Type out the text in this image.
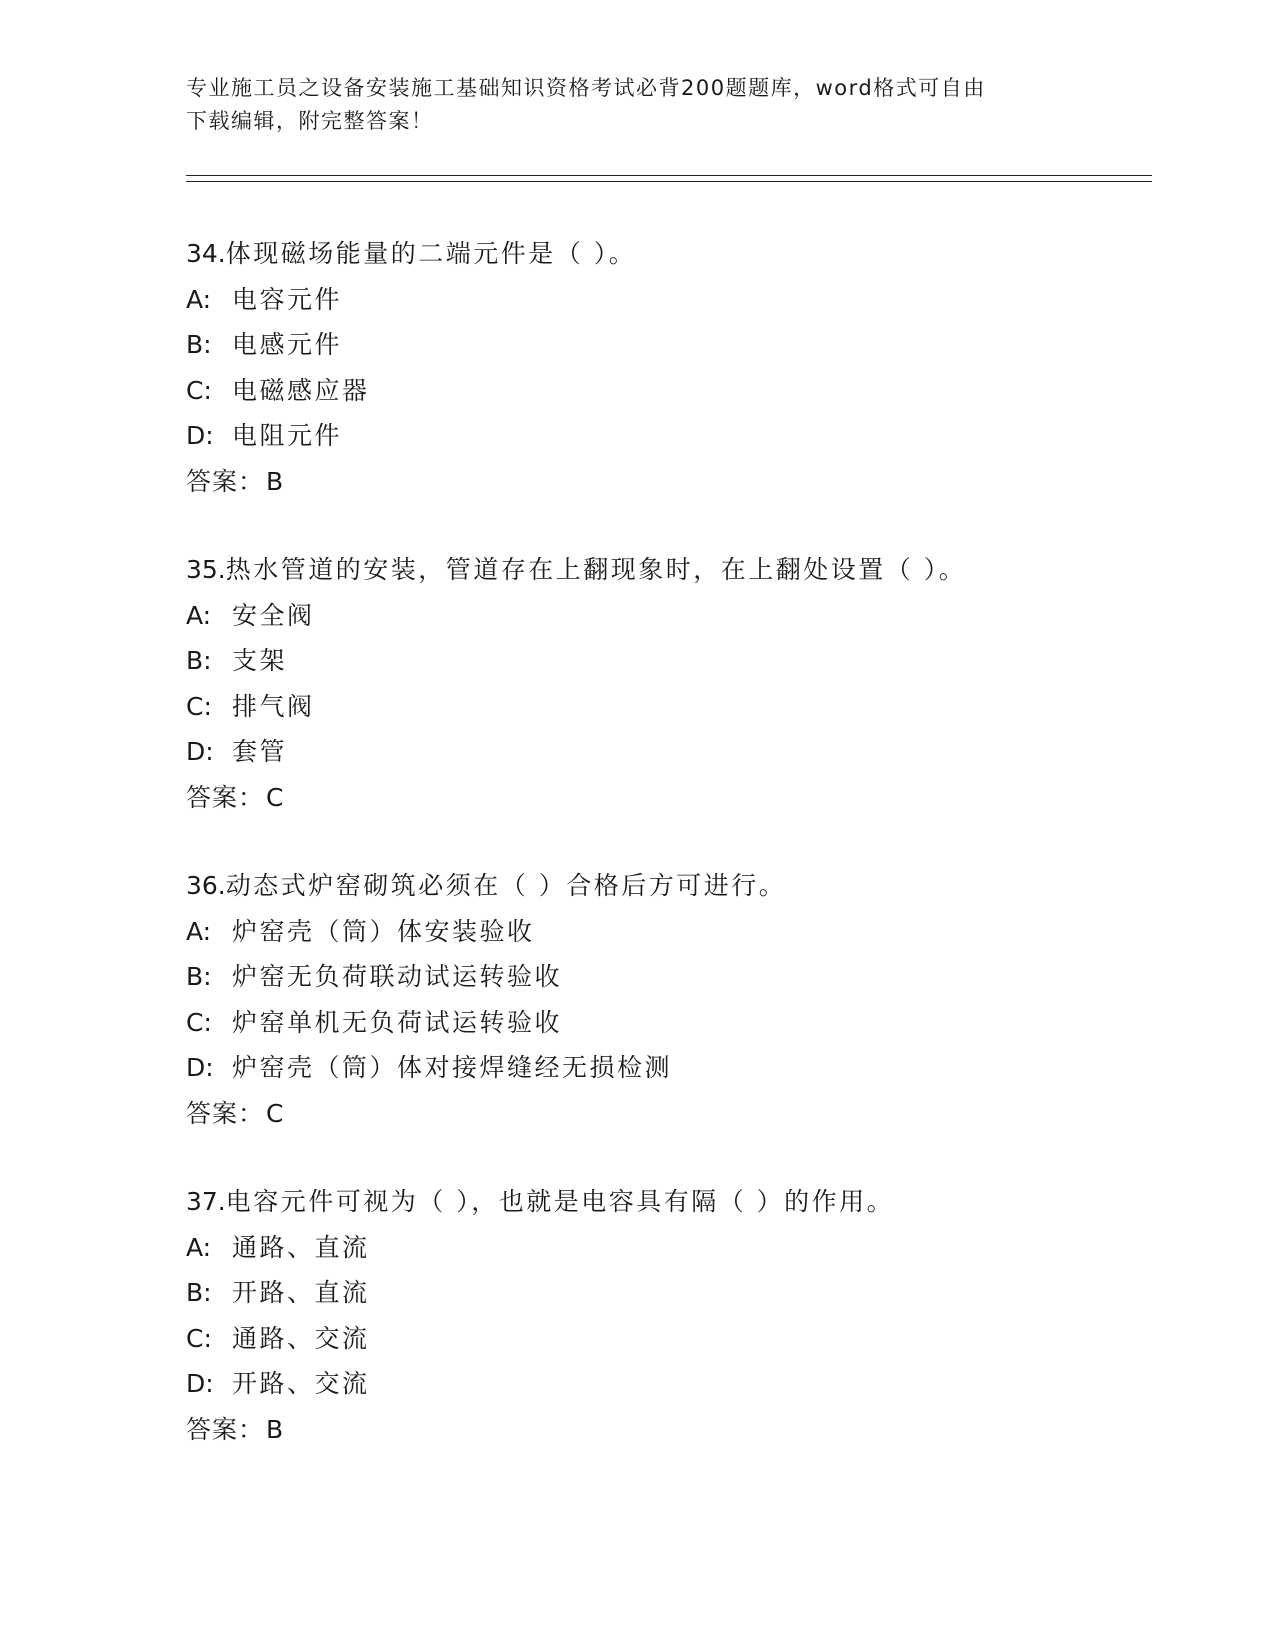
专业施工员之设备安装施工基础知识资格考试必背200题题库，word格式可自由
下载编辑，附完整答案！
34.体现磁场能量的二端元件是（ ）。
A: 电容元件
B: 电感元件
C: 电磁感应器
D: 电阻元件
答案：B
35.热水管道的安装，管道存在上翻现象时，在上翻处设置（ ）。
A: 安全阀
B: 支架
C: 排气阀
D: 套管
答案：C
36.动态式炉窑砌筑必须在（ ）合格后方可进行。
A: 炉窑壳（筒）体安装验收
B: 炉窑无负荷联动试运转验收
C: 炉窑单机无负荷试运转验收
D: 炉窑壳（筒）体对接焊缝经无损检测
答案：C
37.电容元件可视为（ ），也就是电容具有隔（ ）的作用。
A: 通路、直流
B: 开路、直流
C: 通路、交流
D: 开路、交流
答案：B
